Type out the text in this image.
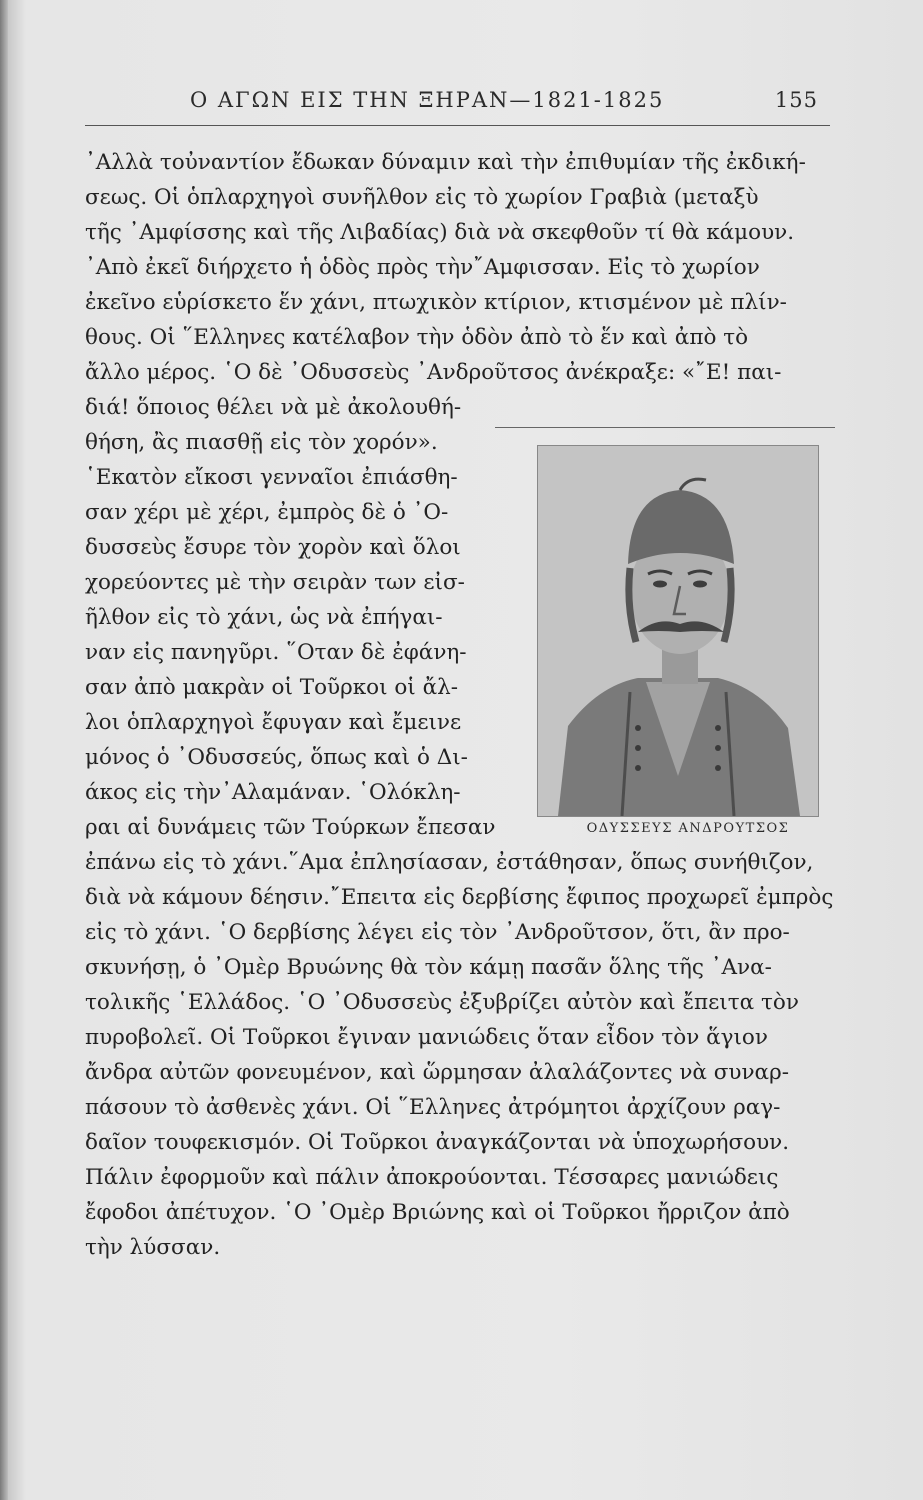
Ο ΑΓΩΝ ΕΙΣ ΤΗΝ ΞΗΡΑΝ—1821-1825	155
᾿Αλλὰ τοὐναντίον ἔδωκαν δύναμιν καὶ τὴν ἐπιθυμίαν τῆς ἐκδική-
σεως. Οἱ ὁπλαρχηγοὶ συνῆλθον εἰς τὸ χωρίον Γραβιὰ (μεταξὺ
τῆς ᾿Αμφίσσης καὶ τῆς Λιβαδίας) διὰ νὰ σκεφθοῦν τί θὰ κάμουν.
᾿Απὸ ἐκεῖ διήρχετο ἡ ὁδὸς πρὸς τὴν῎Αμφισσαν. Εἰς τὸ χωρίον
ἐκεῖνο εὑρίσκετο ἕν χάνι, πτωχικὸν κτίριον, κτισμένον μὲ πλίν-
θους. Οἱ ῞Ελληνες κατέλαβον τὴν ὁδὸν ἀπὸ τὸ ἕν καὶ ἀπὸ τὸ
ἄλλο μέρος. ῾Ο δὲ ᾿Οδυσσεὺς ᾿Ανδροῦτσος ἀνέκραξε: «῎Ε! παι-
διά! ὅποιος θέλει νὰ μὲ ἀκολουθή-
θήση, ἂς πιασθῇ εἰς τὸν χορόν».
῾Εκατὸν εἴκοσι γενναῖοι ἐπιάσθη-
σαν χέρι μὲ χέρι, ἐμπρὸς δὲ ὁ ᾿Ο-
δυσσεὺς ἔσυρε τὸν χορὸν καὶ ὅλοι
χορεύοντες μὲ τὴν σειρὰν των εἰσ-
ῆλθον εἰς τὸ χάνι, ὡς νὰ ἐπήγαι-
ναν εἰς πανηγῦρι. ῞Οταν δὲ ἐφάνη-
σαν ἀπὸ μακρὰν οἱ Τοῦρκοι οἱ ἄλ-
λοι ὁπλαρχηγοὶ ἔφυγαν καὶ ἔμεινε
μόνος ὁ ᾿Οδυσσεύς, ὅπως καὶ ὁ Δι-
άκος εἰς τὴν᾿Αλαμάναν. ῾Ολόκλη-
ραι αἱ δυνάμεις τῶν Τούρκων ἔπεσαν
ἐπάνω εἰς τὸ χάνι.῞Αμα ἐπλησίασαν, ἐστάθησαν, ὅπως συνήθιζον,
διὰ νὰ κάμουν δέησιν.῎Επειτα εἰς δερβίσης ἔφιπος προχωρεῖ ἐμπρὸς
εἰς τὸ χάνι. ῾Ο δερβίσης λέγει εἰς τὸν ᾿Ανδροῦτσον, ὅτι, ἂν προ-
σκυνήσῃ, ὁ ᾿Ομὲρ Βρυώνης θὰ τὸν κάμῃ πασᾶν ὅλης τῆς ᾿Ανα-
τολικῆς ῾Ελλάδος. ῾Ο ᾿Οδυσσεὺς ἐξυβρίζει αὐτὸν καὶ ἔπειτα τὸν
πυροβολεῖ. Οἱ Τοῦρκοι ἔγιναν μανιώδεις ὅταν εἶδον τὸν ἅγιον
ἄνδρα αὐτῶν φονευμένον, καὶ ὥρμησαν ἀλαλάζοντες νὰ συναρ-
πάσουν τὸ ἀσθενὲς χάνι. Οἱ ῞Ελληνες ἀτρόμητοι ἀρχίζουν ραγ-
δαῖον τουφεκισμόν. Οἱ Τοῦρκοι ἀναγκάζονται νὰ ὑποχωρήσουν.
Πάλιν ἐφορμοῦν καὶ πάλιν ἀποκρούονται. Τέσσαρες μανιώδεις
ἔφοδοι ἀπέτυχον. ῾Ο ᾿Ομὲρ Βριώνης καὶ οἱ Τοῦρκοι ἤρριζον ἀπὸ
τὴν λύσσαν.
ΟΔΥΣΣΕΥΣ ΑΝΔΡΟΥΤΣΟΣ
